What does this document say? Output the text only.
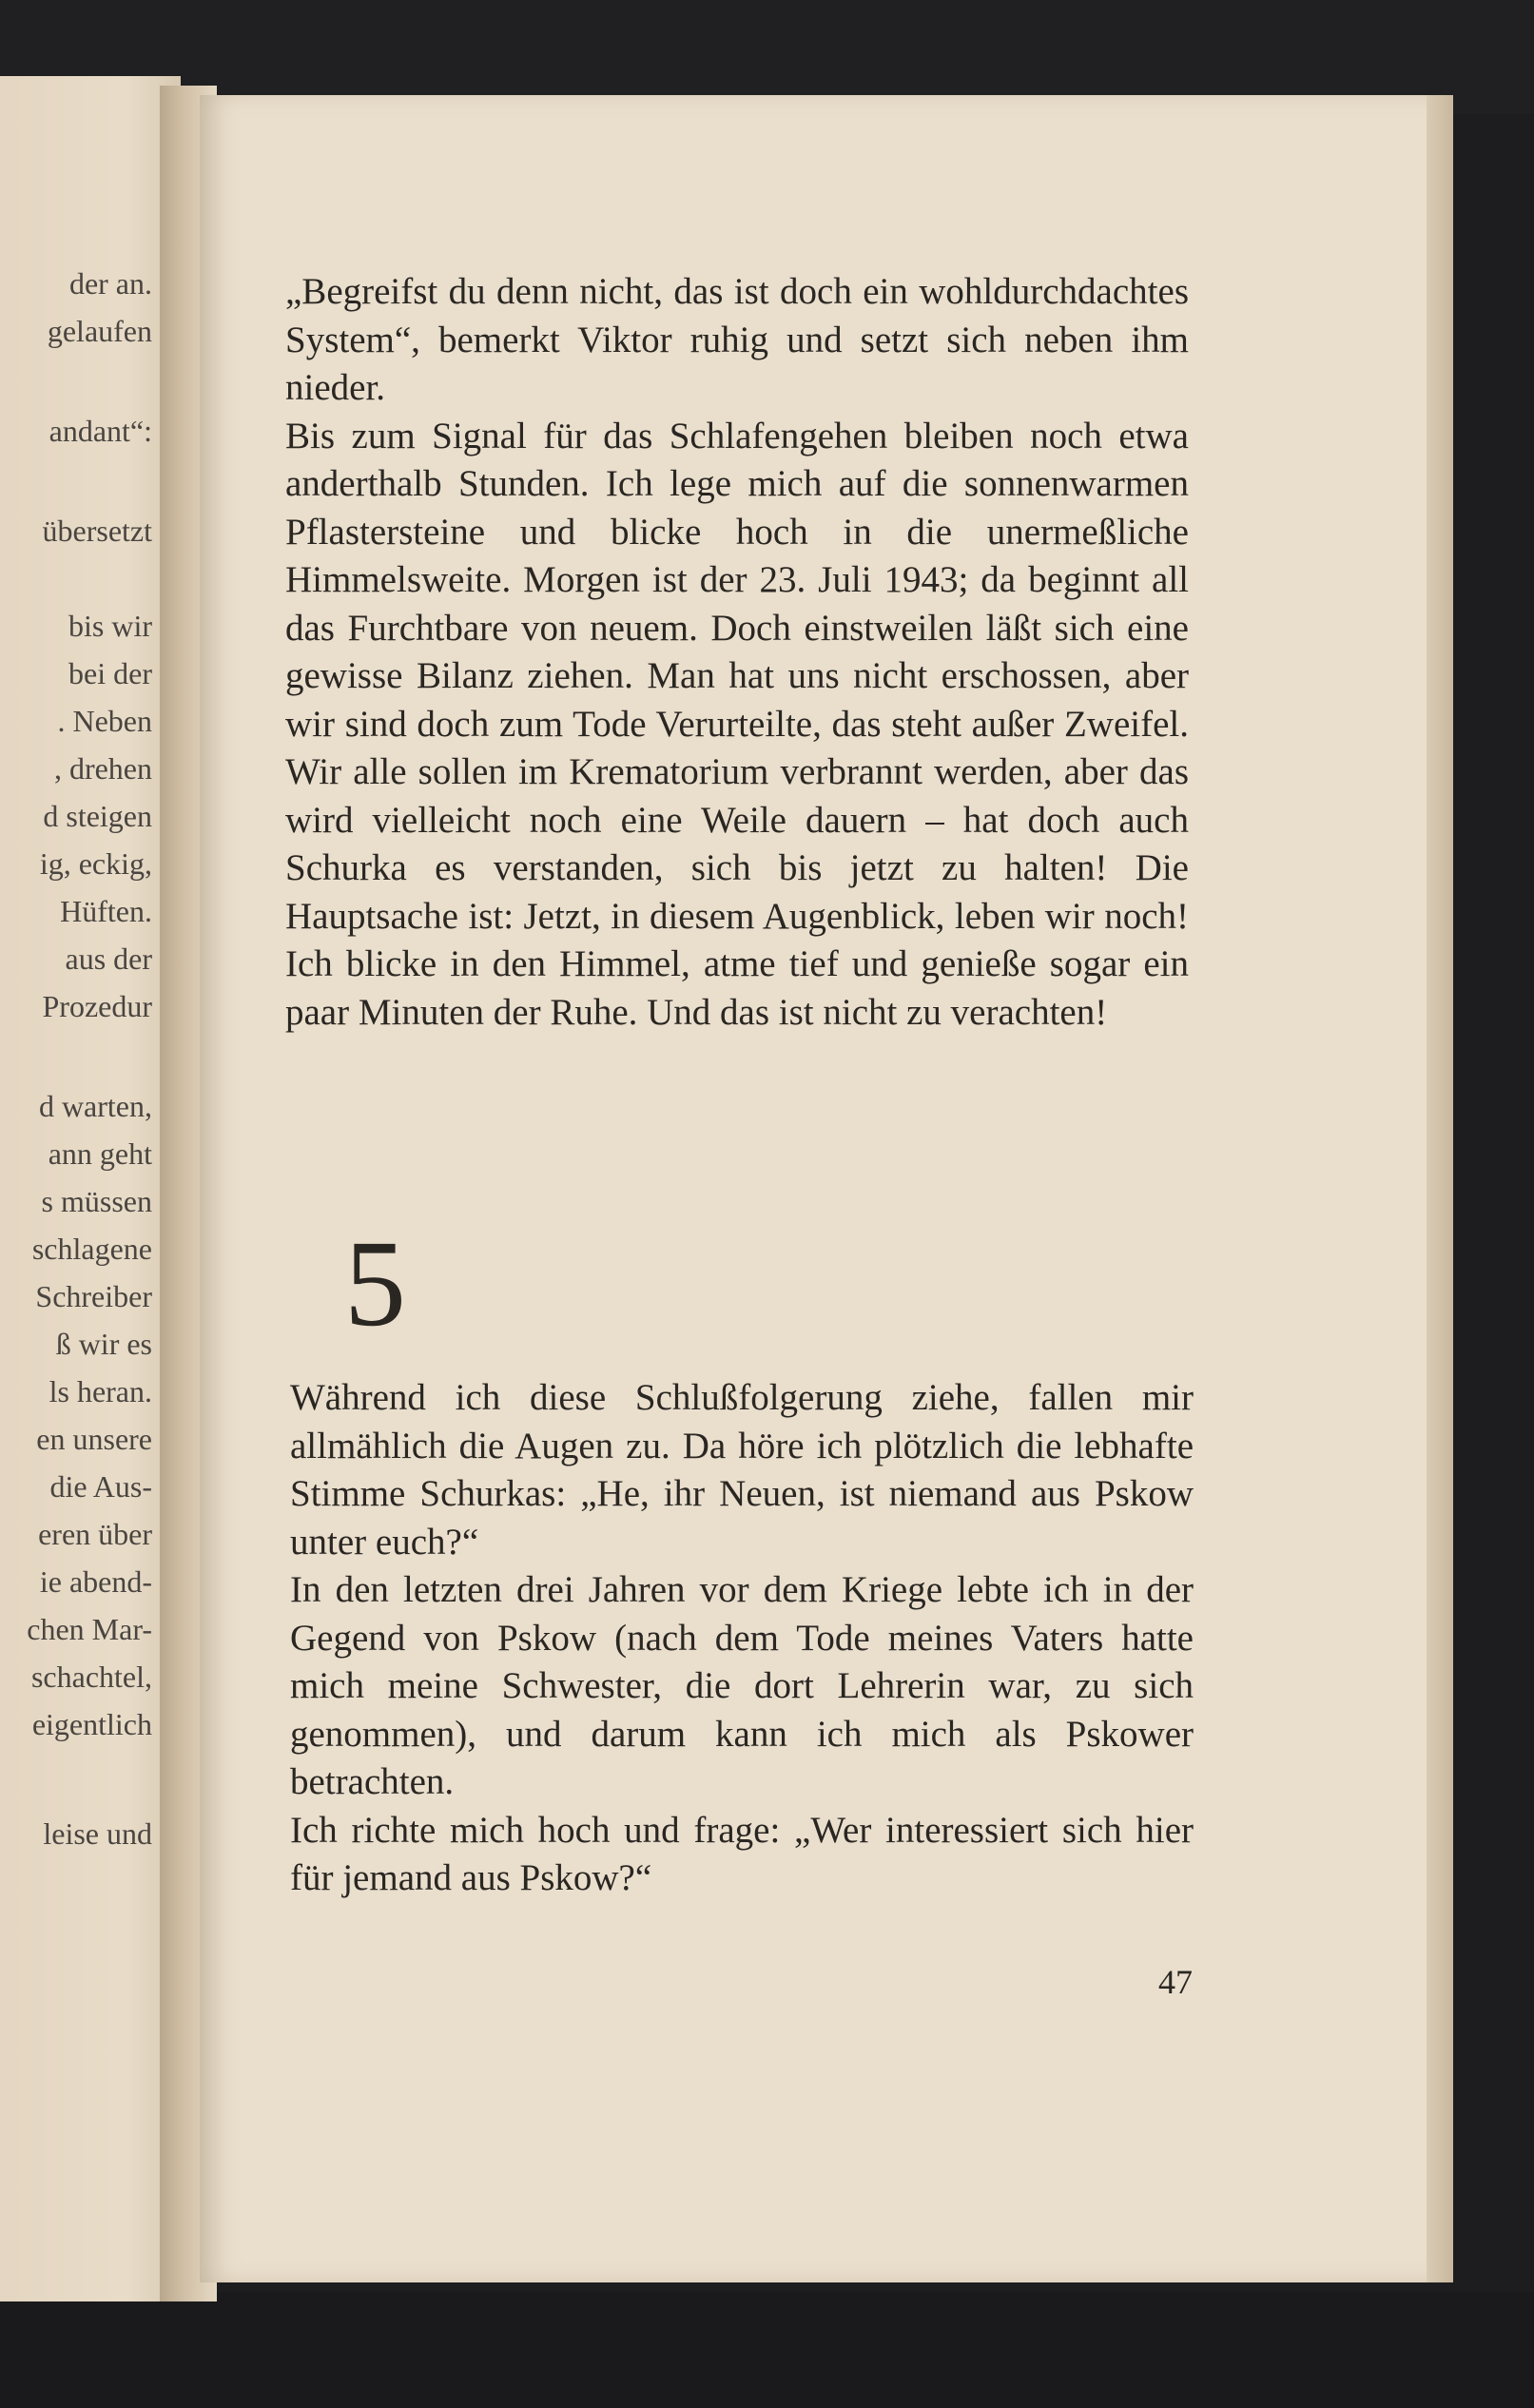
der an.
gelaufen
andant“:
übersetzt
bis wir
bei der
. Neben
, drehen
d steigen
ig, eckig,
Hüften.
aus der
Prozedur
d warten,
ann geht
s müssen
schlagene
Schreiber
ß wir es
ls heran.
en unsere
die Aus-
eren über
ie abend-
chen Mar-
schachtel,
eigentlich
leise und

„Begreifst du denn nicht, das ist doch ein wohldurchdachtes System“, bemerkt Viktor ruhig und setzt sich neben ihm nieder.

Bis zum Signal für das Schlafengehen bleiben noch etwa anderthalb Stunden. Ich lege mich auf die sonnenwarmen Pflastersteine und blicke hoch in die unermeßliche Himmelsweite. Morgen ist der 23. Juli 1943; da beginnt all das Furchtbare von neuem. Doch einstweilen läßt sich eine gewisse Bilanz ziehen. Man hat uns nicht erschossen, aber wir sind doch zum Tode Verurteilte, das steht außer Zweifel. Wir alle sollen im Krematorium verbrannt werden, aber das wird vielleicht noch eine Weile dauern – hat doch auch Schurka es verstanden, sich bis jetzt zu halten! Die Hauptsache ist: Jetzt, in diesem Augenblick, leben wir noch! Ich blicke in den Himmel, atme tief und genieße sogar ein paar Minuten der Ruhe. Und das ist nicht zu verachten!

5

Während ich diese Schlußfolgerung ziehe, fallen mir allmählich die Augen zu. Da höre ich plötzlich die lebhafte Stimme Schurkas: „He, ihr Neuen, ist niemand aus Pskow unter euch?“

In den letzten drei Jahren vor dem Kriege lebte ich in der Gegend von Pskow (nach dem Tode meines Vaters hatte mich meine Schwester, die dort Lehrerin war, zu sich genommen), und darum kann ich mich als Pskower betrachten.

Ich richte mich hoch und frage: „Wer interessiert sich hier für jemand aus Pskow?“

47
